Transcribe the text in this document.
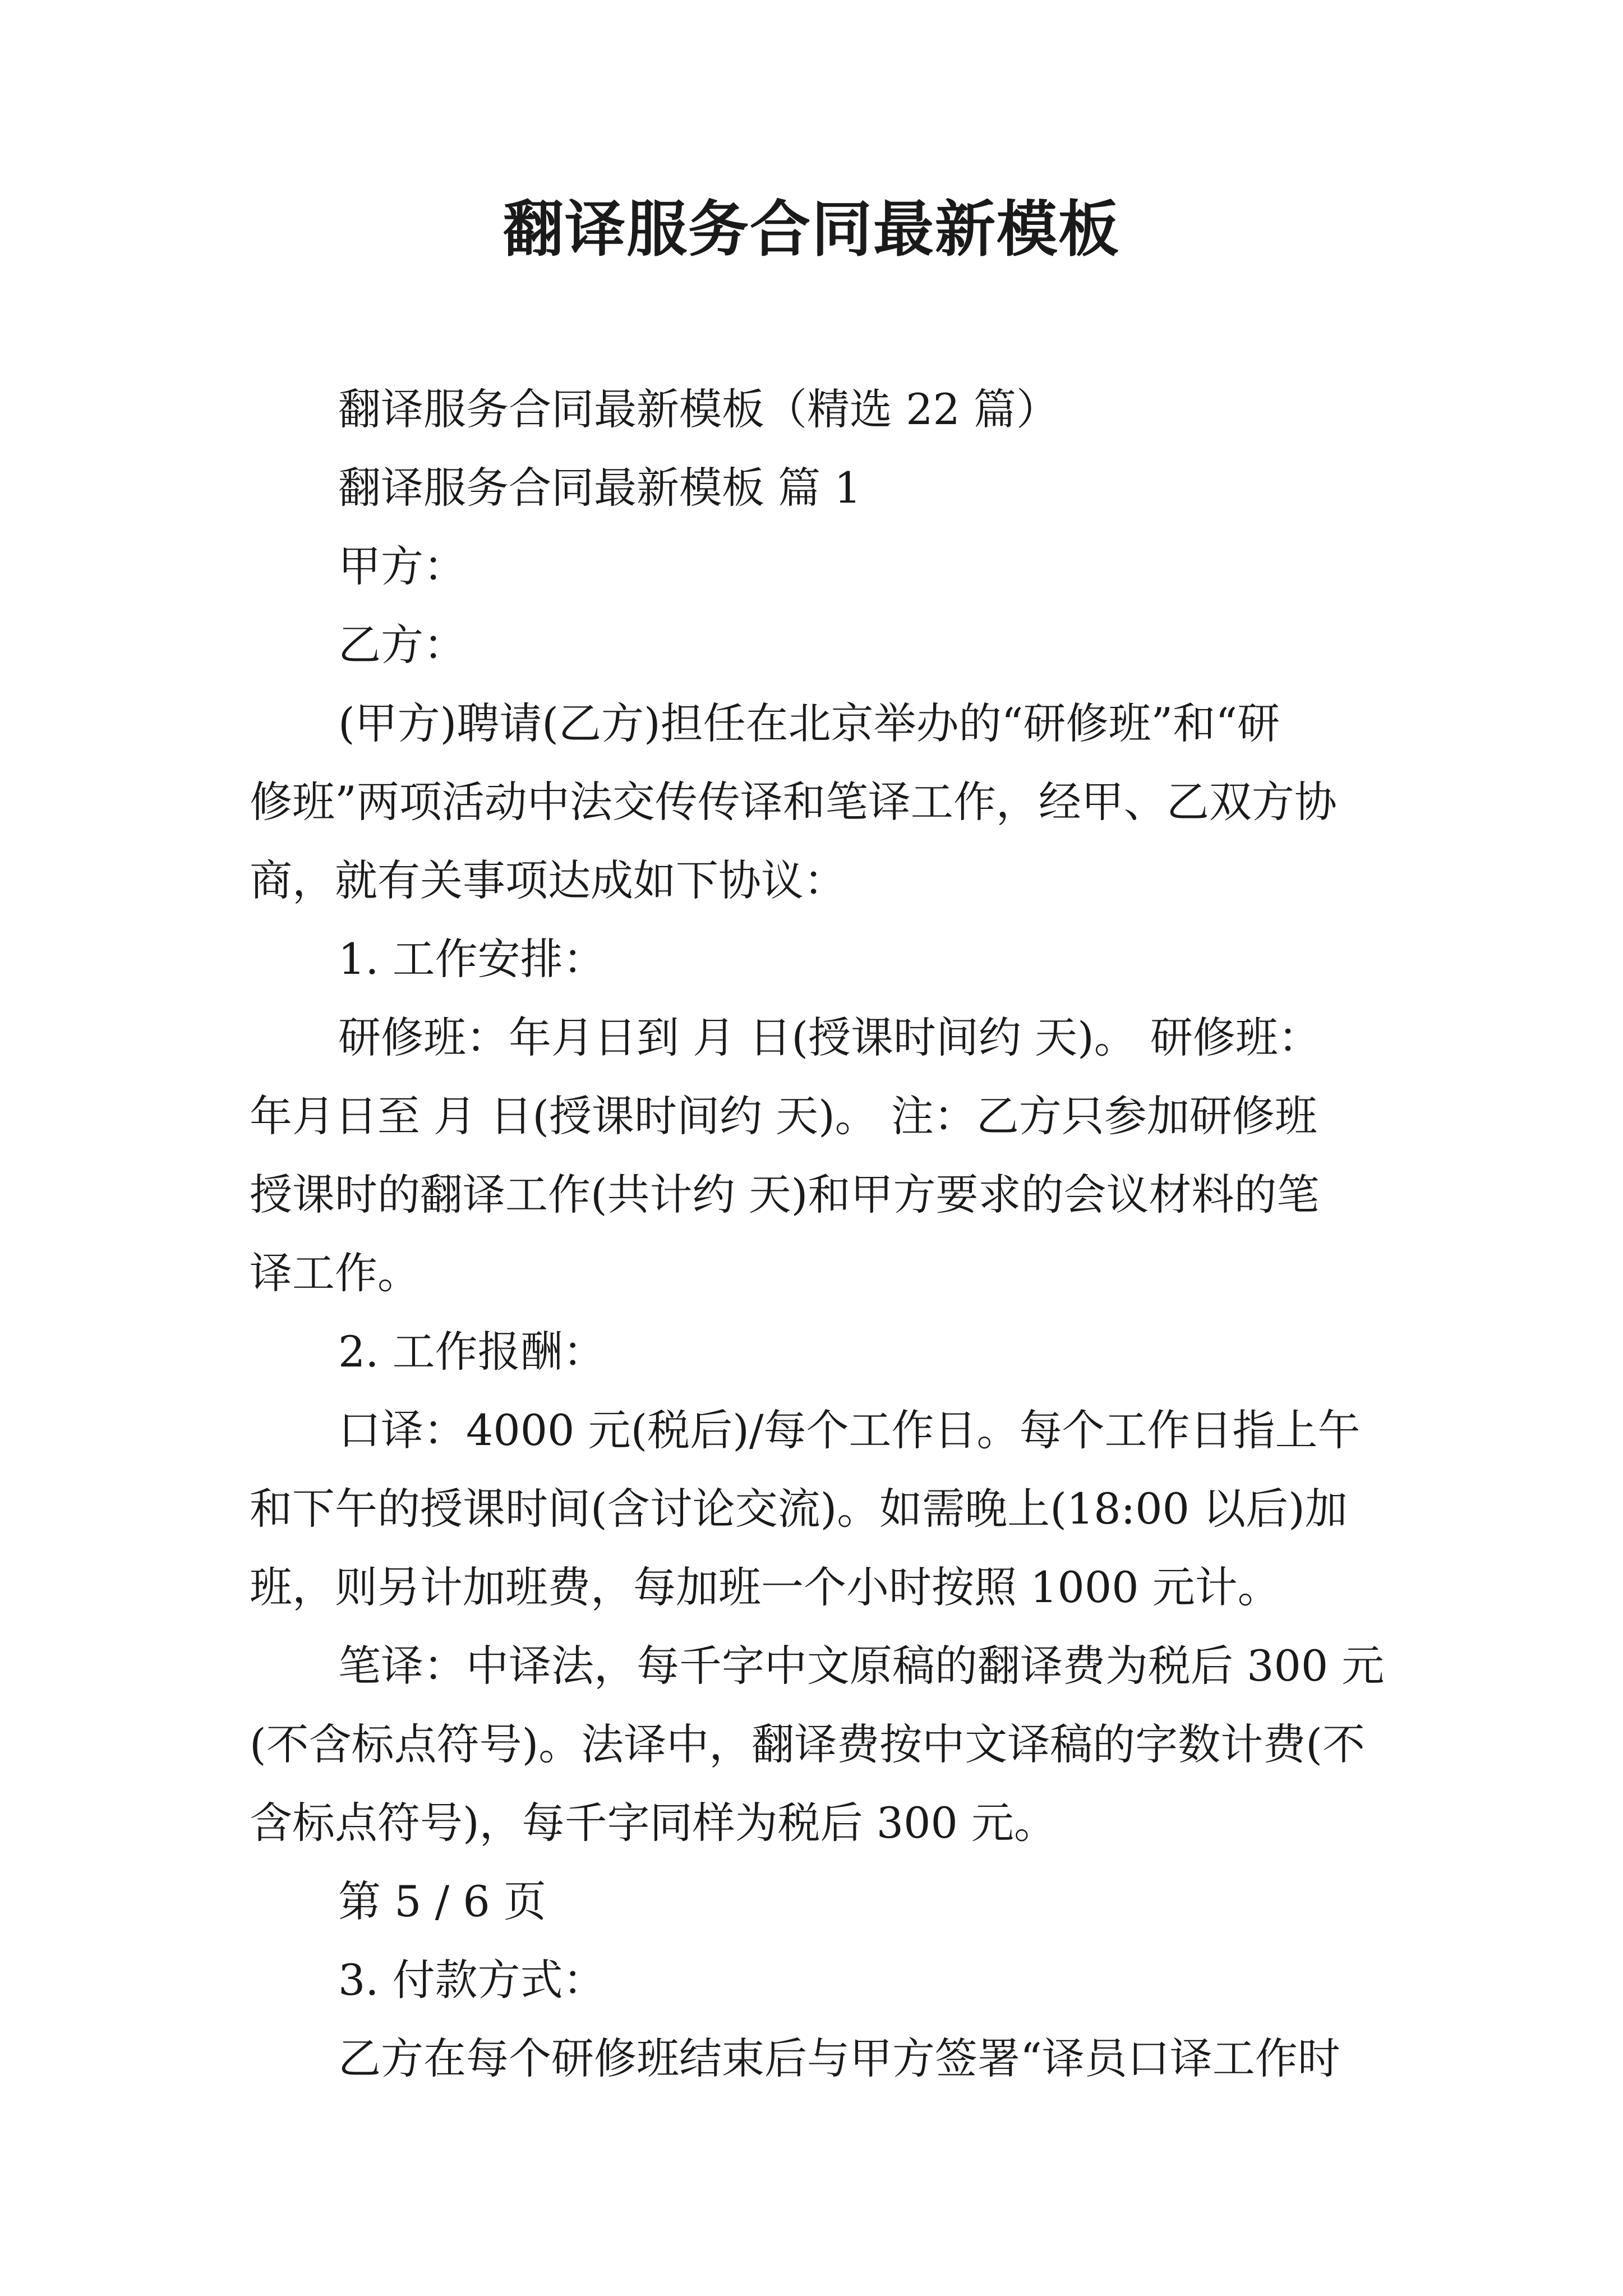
翻译服务合同最新模板

翻译服务合同最新模板（精选 22 篇）

翻译服务合同最新模板 篇 1

甲方：

乙方：

(甲方)聘请(乙方)担任在北京举办的“研修班”和“研

修班”两项活动中法交传传译和笔译工作，经甲、乙双方协

商，就有关事项达成如下协议：

1. 工作安排：

研修班：年月日到 月 日(授课时间约 天)。 研修班：

年月日至 月 日(授课时间约 天)。 注：乙方只参加研修班

授课时的翻译工作(共计约 天)和甲方要求的会议材料的笔

译工作。

2. 工作报酬：

口译：4000 元(税后)/每个工作日。每个工作日指上午

和下午的授课时间(含讨论交流)。如需晚上(18:00 以后)加

班，则另计加班费，每加班一个小时按照 1000 元计。

笔译：中译法，每千字中文原稿的翻译费为税后 300 元

(不含标点符号)。法译中，翻译费按中文译稿的字数计费(不

含标点符号)，每千字同样为税后 300 元。

第 5 / 6 页

3. 付款方式：

乙方在每个研修班结束后与甲方签署“译员口译工作时
